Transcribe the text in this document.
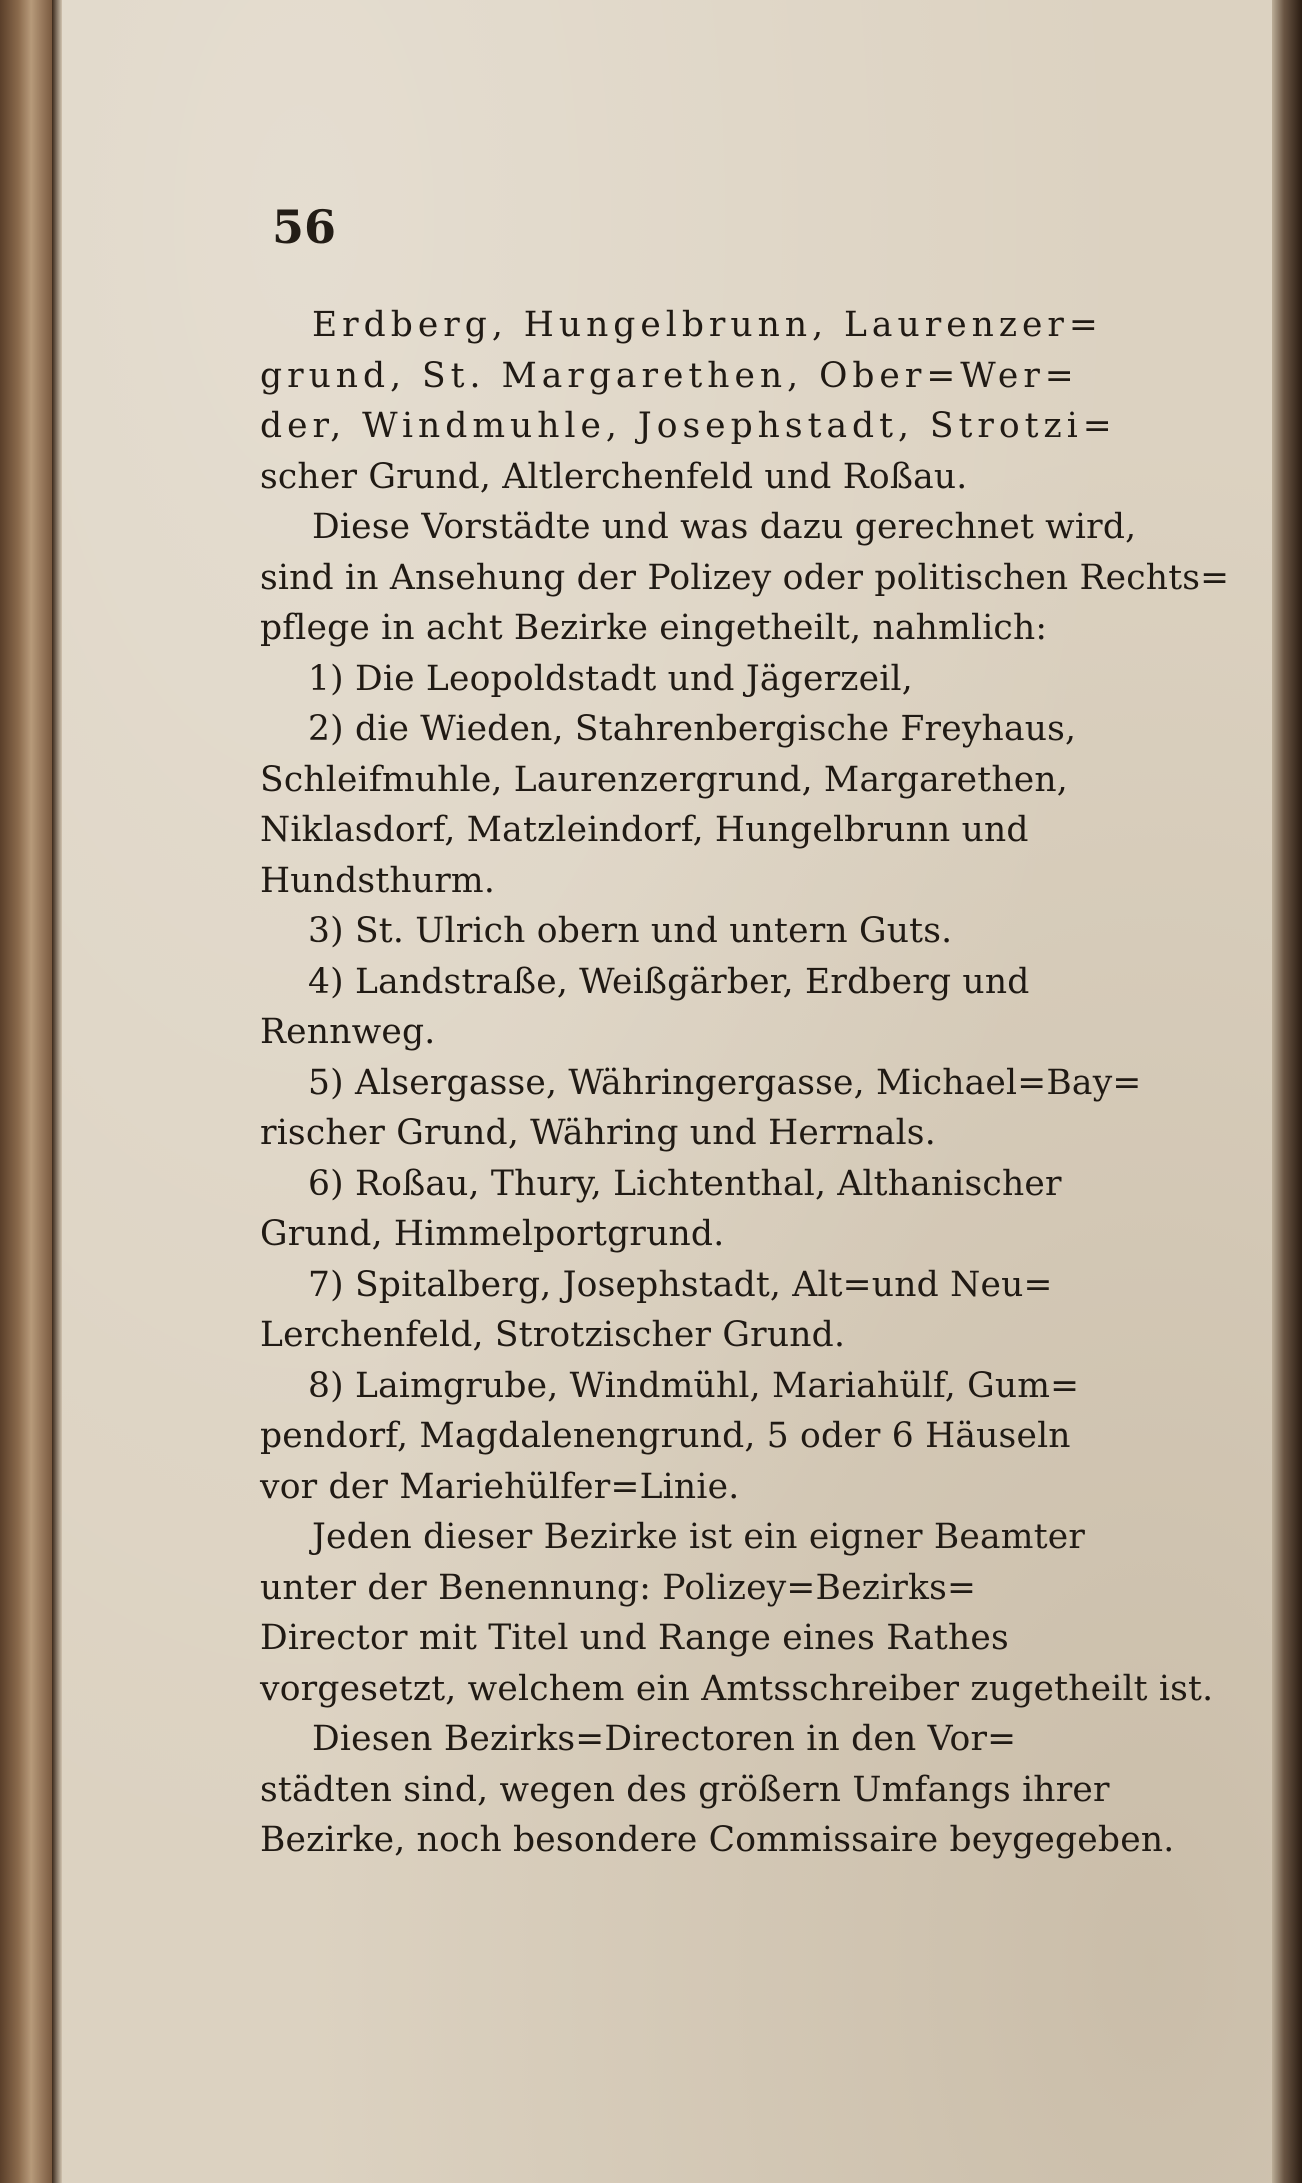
56
Erdberg, Hungelbrunn, Laurenzer=
grund, St. Margarethen, Ober=Wer=
der, Windmuhle, Josephstadt, Strotzi=
scher Grund, Altlerchenfeld und Roßau.
Diese Vorstädte und was dazu gerechnet wird,
sind in Ansehung der Polizey oder politischen Rechts=
pflege in acht Bezirke eingetheilt, nahmlich:
1) Die Leopoldstadt und Jägerzeil,
2) die Wieden, Stahrenbergische Freyhaus,
Schleifmuhle, Laurenzergrund, Margarethen,
Niklasdorf, Matzleindorf, Hungelbrunn und
Hundsthurm.
3) St. Ulrich obern und untern Guts.
4) Landstraße, Weißgärber, Erdberg und
Rennweg.
5) Alsergasse, Währingergasse, Michael=Bay=
rischer Grund, Währing und Herrnals.
6) Roßau, Thury, Lichtenthal, Althanischer
Grund, Himmelportgrund.
7) Spitalberg, Josephstadt, Alt=und Neu=
Lerchenfeld, Strotzischer Grund.
8) Laimgrube, Windmühl, Mariahülf, Gum=
pendorf, Magdalenengrund, 5 oder 6 Häuseln
vor der Mariehülfer=Linie.
Jeden dieser Bezirke ist ein eigner Beamter
unter der Benennung: Polizey=Bezirks=
Director mit Titel und Range eines Rathes
vorgesetzt, welchem ein Amtsschreiber zugetheilt ist.
Diesen Bezirks=Directoren in den Vor=
städten sind, wegen des größern Umfangs ihrer
Bezirke, noch besondere Commissaire beygegeben.
